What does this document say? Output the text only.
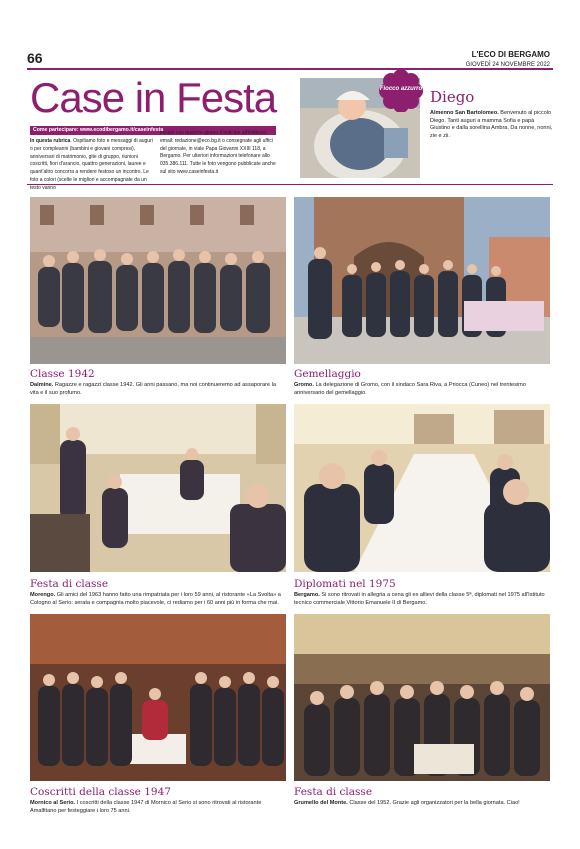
66	L'ECO DI BERGAMO
GIOVEDÌ 24 NOVEMBRE 2022
Case in Festa
Come partecipare: www.ecodibergamo.it/caseinfesta
In questa rubrica. Ospitiamo foto e messaggi di auguri o per compleanni (bambini e giovani compresi), anniversari di matrimonio, gite di gruppo, riunioni coscritti, fiori d'arancio, quattro generazioni, lauree e quant'altro concorra a rendere festoso un incontro. Le foto a colori (scelte le migliori e accompagnate da un testo vanno
inviate con qualche giorno d'anticipo all'indirizzo email: redazione@eco.bg.it o consegnate agli uffici del giornale, in viale Papa Giovanni XXIII 118, a Bergamo. Per ulteriori informazioni telefonare allo 035.386.111. Tutte le foto vengono pubblicate anche sul sito www.caseinfesta.it
Fiocco azzurro Diego
Almenno San Bartolomeo. Benvenuto al piccolo Diego. Tanti auguri a mamma Sofia e papà Giustino e dalla sorellina Ambra. Da nonne, nonni, zie e zii.
Classe 1942
Dalmine. Ragazze e ragazzi classe 1942. Gli anni passano, ma noi continueremo ad assaporare la vita e il suo profumo.
Gemellaggio
Gromo. La delegazione di Gromo, con il sindaco Sara Riva, a Priocca (Cuneo) nel trentesimo anniversario del gemellaggio.
Festa di classe
Morengo. Gli amici del 1963 hanno fatto una rimpatriata per i loro 59 anni, al ristorante «La Svolta» a Cologno al Serio: serata e compagnia molto piacevole, ci rediamo per i 60 anni più in forma che mai.
Diplomati nel 1975
Bergamo. Si sono ritrovati in allegria a cena gli ex allievi della classe 5ª, diplomati nel 1975 all'Istituto tecnico commerciale Vittorio Emanuele II di Bergamo.
Coscritti della classe 1947
Mornico al Serio. I coscritti della classe 1947 di Mornico al Serio si sono ritrovati al ristorante Amalfitano per festeggiare i loro 75 anni.
Festa di classe
Grumello del Monte. Classe del 1952. Grazie agli organizzatori per la bella giornata. Ciao!
